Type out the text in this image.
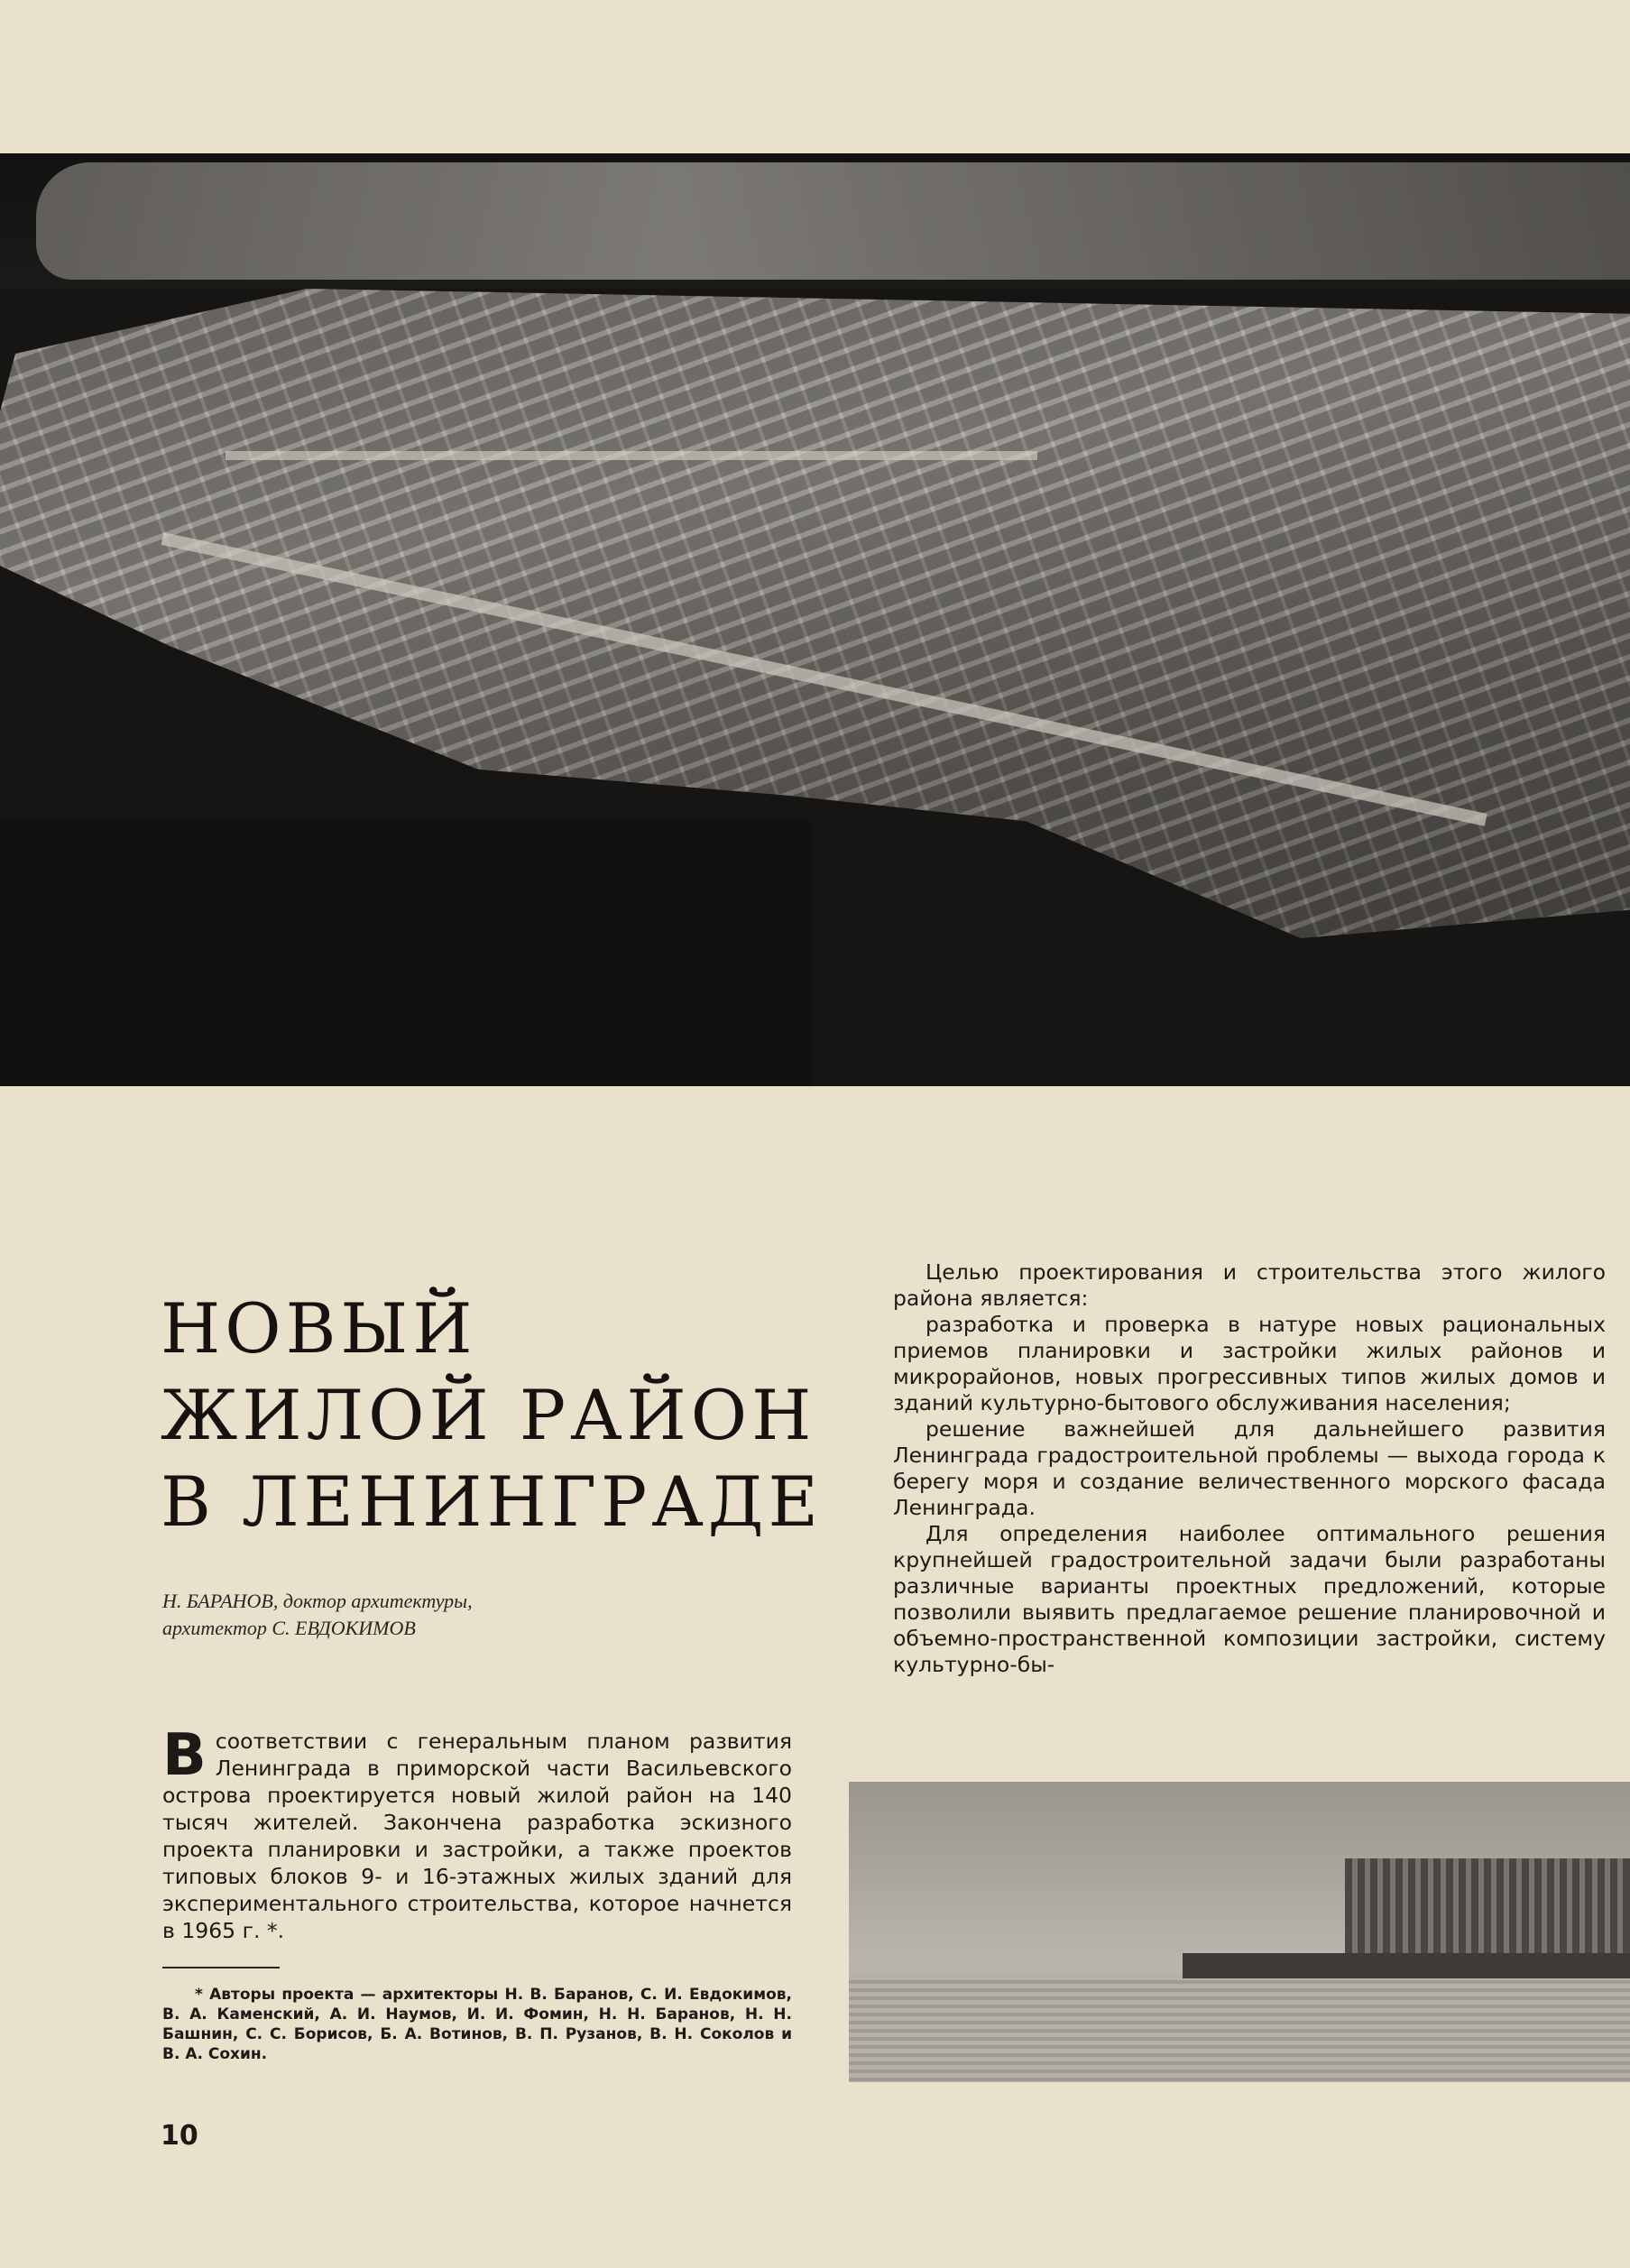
НОВЫЙ
ЖИЛОЙ РАЙОН
В ЛЕНИНГРАДЕ
Н. БАРАНОВ, доктор архитектуры,
архитектор С. ЕВДОКИМОВ

Целью проектирования и строительства этого жилого района является:

разработка и проверка в натуре новых рациональных приемов планировки и застройки жилых районов и микрорайонов, новых прогрессивных типов жилых домов и зданий культурно-бытового обслуживания населения;

решение важнейшей для дальнейшего развития Ленинграда градостроительной проблемы — выхода города к берегу моря и создание величественного морского фасада Ленинграда.

Для определения наиболее оптимального решения крупнейшей градостроительной задачи были разработаны различные варианты проектных предложений, которые позволили выявить предлагаемое решение планировочной и объемно-пространственной композиции застройки, систему культурно-бы-

В соответствии с генеральным планом развития Ленинграда в приморской части Васильевского острова проектируется новый жилой район на 140 тысяч жителей. Закончена разработка эскизного проекта планировки и застройки, а также проектов типовых блоков 9- и 16-этажных жилых зданий для экспериментального строительства, которое начнется в 1965 г. *.
* Авторы проекта — архитекторы Н. В. Баранов, С. И. Евдокимов, В. А. Каменский, А. И. Наумов, И. И. Фомин, Н. Н. Баранов, Н. Н. Башнин, С. С. Борисов, Б. А. Вотинов, В. П. Рузанов, В. Н. Соколов и В. А. Сохин.
10
